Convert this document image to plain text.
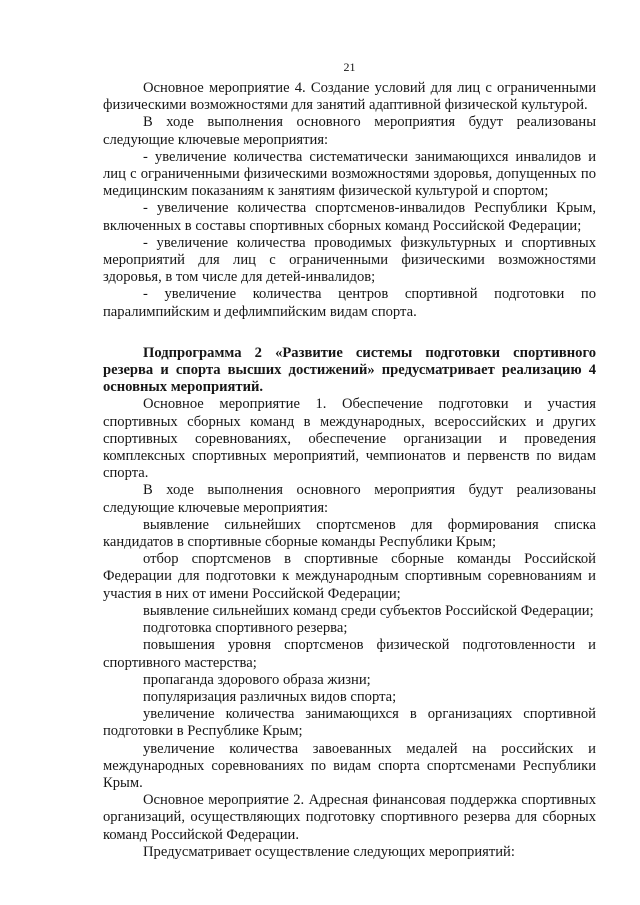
21

Основное мероприятие 4. Создание условий для лиц с ограниченными физическими возможностями для занятий адаптивной физической культурой.

В ходе выполнения основного мероприятия будут реализованы следующие ключевые мероприятия:

- увеличение количества систематически занимающихся инвалидов и лиц с ограниченными физическими возможностями здоровья, допущенных по медицинским показаниям к занятиям физической культурой и спортом;

- увеличение количества спортсменов-инвалидов Республики Крым, включенных в составы спортивных сборных команд Российской Федерации;

- увеличение количества проводимых физкультурных и спортивных мероприятий для лиц с ограниченными физическими возможностями здоровья, в том числе для детей-инвалидов;

- увеличение количества центров спортивной подготовки по паралимпийским и дефлимпийским видам спорта.

Подпрограмма 2 «Развитие системы подготовки спортивного резерва и спорта высших достижений» предусматривает реализацию 4 основных мероприятий.

Основное мероприятие 1. Обеспечение подготовки и участия спортивных сборных команд в международных, всероссийских и других спортивных соревнованиях, обеспечение организации и проведения комплексных спортивных мероприятий, чемпионатов и первенств по видам спорта.

В ходе выполнения основного мероприятия будут реализованы следующие ключевые мероприятия:

выявление сильнейших спортсменов для формирования списка кандидатов в спортивные сборные команды Республики Крым;

отбор спортсменов в спортивные сборные команды Российской Федерации для подготовки к международным спортивным соревнованиям и участия в них от имени Российской Федерации;

выявление сильнейших команд среди субъектов Российской Федерации;

подготовка спортивного резерва;

повышения уровня спортсменов физической подготовленности и спортивного мастерства;

пропаганда здорового образа жизни;

популяризация различных видов спорта;

увеличение количества занимающихся в организациях спортивной подготовки в Республике Крым;

увеличение количества завоеванных медалей на российских и международных соревнованиях по видам спорта спортсменами Республики Крым.

Основное мероприятие 2. Адресная финансовая поддержка спортивных организаций, осуществляющих подготовку спортивного резерва для сборных команд Российской Федерации.

Предусматривает осуществление следующих мероприятий:
